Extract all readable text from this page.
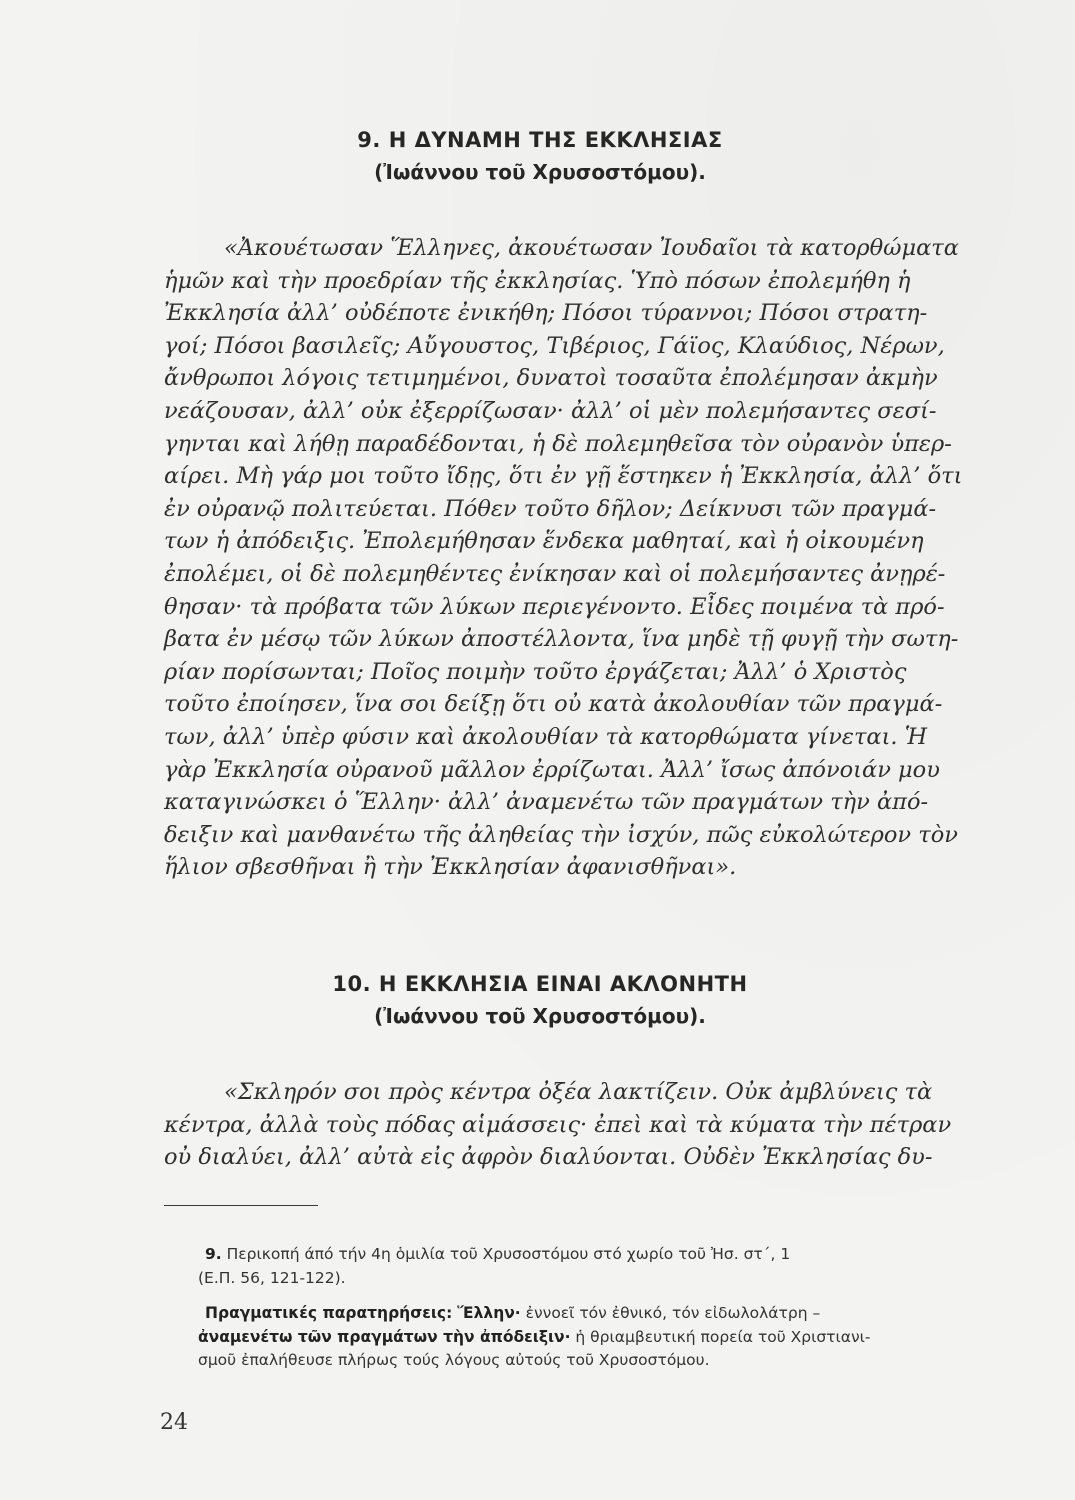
9. Η ΔΥΝΑΜΗ ΤΗΣ ΕΚΚΛΗΣΙΑΣ
(Ἰωάννου τοῦ Χρυσοστόμου).
«Ἀκουέτωσαν Ἕλληνες, ἀκουέτωσαν Ἰουδαῖοι τὰ κατορθώματα
ἡμῶν καὶ τὴν προεδρίαν τῆς ἐκκλησίας. Ὑπὸ πόσων ἐπολεμήθη ἡ
Ἐκκλησία ἀλλ’ οὐδέποτε ἐνικήθη; Πόσοι τύραννοι; Πόσοι στρατη-
γοί; Πόσοι βασιλεῖς; Αὔγουστος, Τιβέριος, Γάϊος, Κλαύδιος, Νέρων,
ἄνθρωποι λόγοις τετιμημένοι, δυνατοὶ τοσαῦτα ἐπολέμησαν ἀκμὴν
νεάζουσαν, ἀλλ’ οὐκ ἐξερρίζωσαν· ἀλλ’ οἱ μὲν πολεμήσαντες σεσί-
γηνται καὶ λήθῃ παραδέδονται, ἡ δὲ πολεμηθεῖσα τὸν οὐρανὸν ὑπερ-
αίρει. Μὴ γάρ μοι τοῦτο ἴδῃς, ὅτι ἐν γῇ ἕστηκεν ἡ Ἐκκλησία, ἀλλ’ ὅτι
ἐν οὐρανῷ πολιτεύεται. Πόθεν τοῦτο δῆλον; Δείκνυσι τῶν πραγμά-
των ἡ ἀπόδειξις. Ἐπολεμήθησαν ἕνδεκα μαθηταί, καὶ ἡ οἰκουμένη
ἐπολέμει, οἱ δὲ πολεμηθέντες ἐνίκησαν καὶ οἱ πολεμήσαντες ἀνῃρέ-
θησαν· τὰ πρόβατα τῶν λύκων περιεγένοντο. Εἶδες ποιμένα τὰ πρό-
βατα ἐν μέσῳ τῶν λύκων ἀποστέλλοντα, ἵνα μηδὲ τῇ φυγῇ τὴν σωτη-
ρίαν πορίσωνται; Ποῖος ποιμὴν τοῦτο ἐργάζεται; Ἀλλ’ ὁ Χριστὸς
τοῦτο ἐποίησεν, ἵνα σοι δείξῃ ὅτι οὐ κατὰ ἀκολουθίαν τῶν πραγμά-
των, ἀλλ’ ὑπὲρ φύσιν καὶ ἀκολουθίαν τὰ κατορθώματα γίνεται. Ἡ
γὰρ Ἐκκλησία οὐρανοῦ μᾶλλον ἐρρίζωται. Ἀλλ’ ἴσως ἀπόνοιάν μου
καταγινώσκει ὁ Ἕλλην· ἀλλ’ ἀναμενέτω τῶν πραγμάτων τὴν ἀπό-
δειξιν καὶ μανθανέτω τῆς ἀληθείας τὴν ἰσχύν, πῶς εὐκολώτερον τὸν
ἥλιον σβεσθῆναι ἢ τὴν Ἐκκλησίαν ἀφανισθῆναι».
10. Η ΕΚΚΛΗΣΙΑ ΕΙΝΑΙ ΑΚΛΟΝΗΤΗ
(Ἰωάννου τοῦ Χρυσοστόμου).
«Σκληρόν σοι πρὸς κέντρα ὀξέα λακτίζειν. Οὐκ ἀμβλύνεις τὰ
κέντρα, ἀλλὰ τοὺς πόδας αἱμάσσεις· ἐπεὶ καὶ τὰ κύματα τὴν πέτραν
οὐ διαλύει, ἀλλ’ αὐτὰ εἰς ἀφρὸν διαλύονται. Οὐδὲν Ἐκκλησίας δυ-
9. Περικοπή άπό τήν 4η ὁμιλία τοῦ Χρυσοστόμου στό χωρίο τοῦ Ἠσ. στ΄, 1
(Ε.Π. 56, 121-122).
Πραγματικές παρατηρήσεις: Ἕλλην· ἐννοεῖ τόν ἐθνικό, τόν εἰδωλολάτρη –
ἀναμενέτω τῶν πραγμάτων τὴν ἀπόδειξιν· ἡ θριαμβευτική πορεία τοῦ Χριστιανι-
σμοῦ ἐπαλήθευσε πλήρως τούς λόγους αὐτούς τοῦ Χρυσοστόμου.
24
